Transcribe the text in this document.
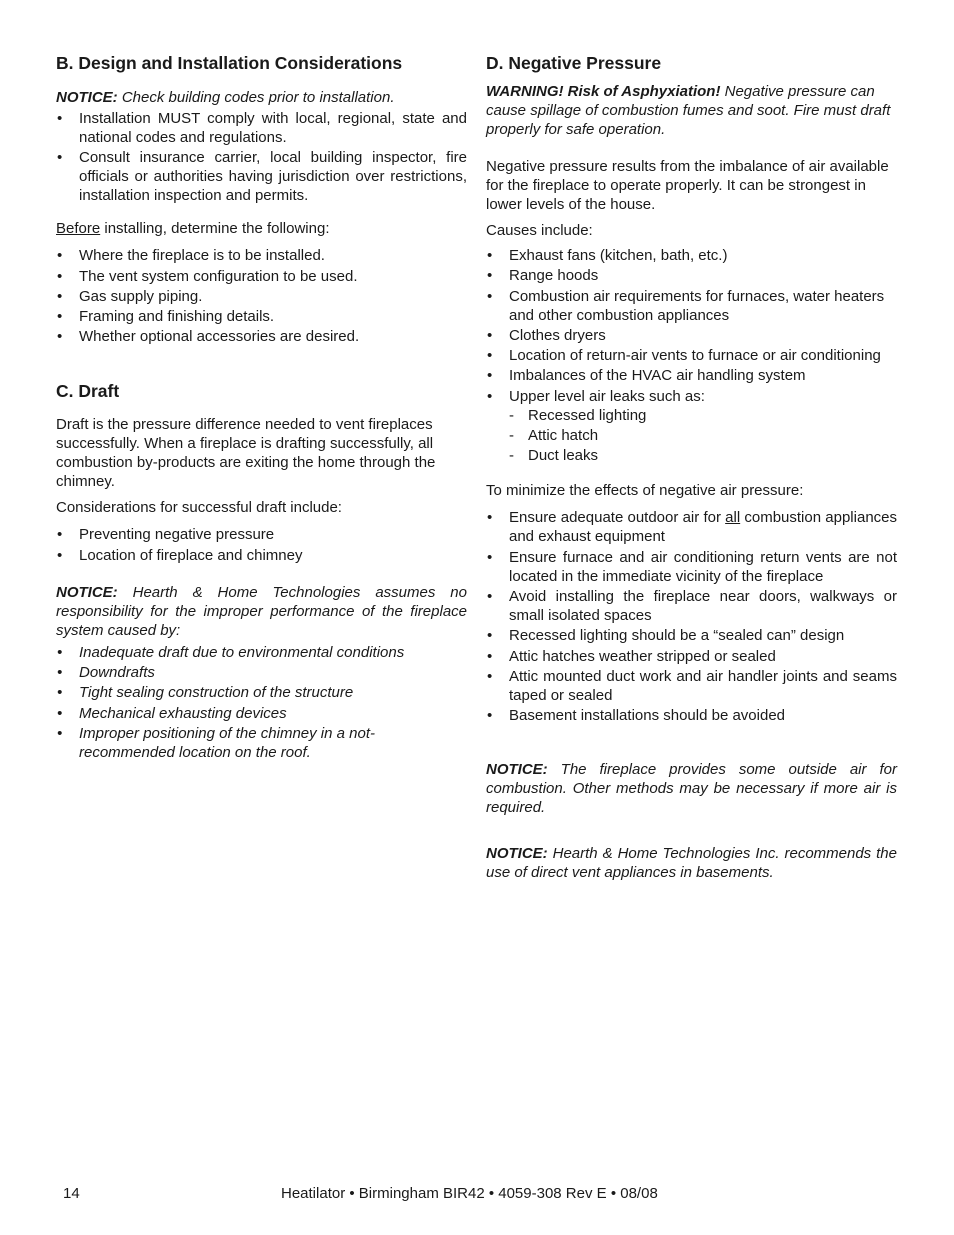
B. Design and Installation Considerations

NOTICE: Check building codes prior to installation.

• Installation MUST comply with local, regional, state and national codes and regulations.
• Consult insurance carrier, local building inspector, fire officials or authorities having jurisdiction over restrictions, installation inspection and permits.

Before installing, determine the following:

• Where the fireplace is to be installed.
• The vent system configuration to be used.
• Gas supply piping.
• Framing and finishing details.
• Whether optional accessories are desired.
C. Draft

Draft is the pressure difference needed to vent fireplaces successfully. When a fireplace is drafting successfully, all combustion by-products are exiting the home through the chimney.

Considerations for successful draft include:

• Preventing negative pressure
• Location of fireplace and chimney

NOTICE: Hearth & Home Technologies assumes no responsibility for the improper performance of the fireplace system caused by:

• Inadequate draft due to environmental conditions
• Downdrafts
• Tight sealing construction of the structure
• Mechanical exhausting devices
• Improper positioning of the chimney in a not-recommended location on the roof.
D. Negative Pressure

WARNING! Risk of Asphyxiation! Negative pressure can cause spillage of combustion fumes and soot. Fire must draft properly for safe operation.

Negative pressure results from the imbalance of air available for the fireplace to operate properly. It can be strongest in lower levels of the house.

Causes include:

• Exhaust fans (kitchen, bath, etc.)
• Range hoods
• Combustion air requirements for furnaces, water heaters and other combustion appliances
• Clothes dryers
• Location of return-air vents to furnace or air conditioning
• Imbalances of the HVAC air handling system
• Upper level air leaks such as:
- Recessed lighting
- Attic hatch
- Duct leaks

To minimize the effects of negative air pressure:

• Ensure adequate outdoor air for all combustion appliances and exhaust equipment
• Ensure furnace and air conditioning return vents are not located in the immediate vicinity of the fireplace
• Avoid installing the fireplace near doors, walkways or small isolated spaces
• Recessed lighting should be a “sealed can” design
• Attic hatches weather stripped or sealed
• Attic mounted duct work and air handler joints and seams taped or sealed
• Basement installations should be avoided

NOTICE: The fireplace provides some outside air for combustion. Other methods may be necessary if more air is required.

NOTICE: Hearth & Home Technologies Inc. recommends the use of direct vent appliances in basements.

14	Heatilator • Birmingham BIR42 • 4059-308 Rev E • 08/08
